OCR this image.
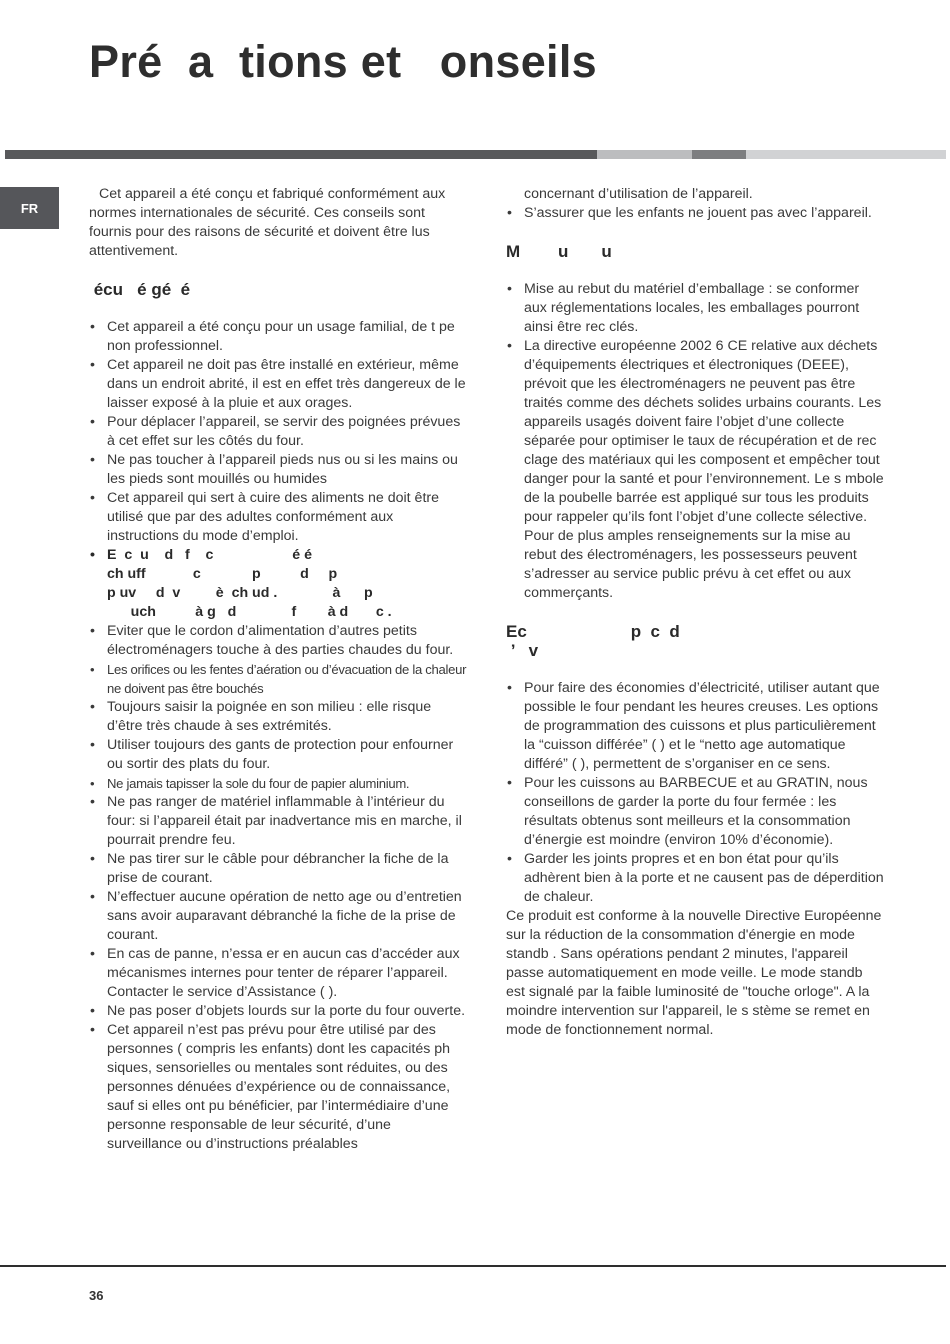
Pré  a  tions et   onseils
FR

Cet appareil a été conçu et fabriqué conformément aux normes internationales de sécurité. Ces conseils sont fournis pour des raisons de sécurité et doivent être lus attentivement.

écu   é gé  é
• Cet appareil a été conçu pour un usage familial, de t pe non professionnel.
• Cet appareil ne doit pas être installé en extérieur, même dans un endroit abrité, il est en effet très dangereux de le laisser exposé à la pluie et aux orages.
• Pour déplacer l’appareil, se servir des poignées prévues à cet effet sur les côtés du four.
• Ne pas toucher à l’appareil pieds nus ou si les mains ou les pieds sont mouillés ou humides
• Cet appareil qui sert à cuire des aliments ne doit être utilisé que par des adultes conformément aux instructions du mode d’emploi.
• E  c  u    d   f    c                    é é
ch uff            c             p          d     p
p uv     d  v         è  ch ud .              à      p
uch          à g   d              f        à d       c .
• Eviter que le cordon d’alimentation d’autres petits électroménagers touche à des parties chaudes du four.
• Les orifices ou les fentes d’aération ou d’évacuation de la chaleur ne doivent pas être bouchés
• Toujours saisir la poignée en son milieu : elle risque d’être très chaude à ses extrémités.
• Utiliser toujours des gants de protection pour enfourner ou sortir des plats du four.
• Ne jamais tapisser la sole du four de papier aluminium.
• Ne pas ranger de matériel inflammable à l’intérieur du four: si l’appareil était par inadvertance mis en marche, il pourrait prendre feu.
• Ne pas tirer sur le câble pour débrancher la fiche de la prise de courant.
• N’effectuer aucune opération de netto age ou d’entretien sans avoir auparavant débranché la fiche de la prise de courant.
• En cas de panne, n’essa er en aucun cas d’accéder aux mécanismes internes pour tenter de réparer l’appareil. Contacter le service d’Assistance ( ).
• Ne pas poser d’objets lourds sur la porte du four ouverte.
• Cet appareil n’est pas prévu pour être utilisé par des personnes ( compris les enfants) dont les capacités ph siques, sensorielles ou mentales sont réduites, ou des personnes dénuées d’expérience ou de connaissance, sauf si elles ont pu bénéficier, par l’intermédiaire d’une personne responsable de leur sécurité, d’une surveillance ou d’instructions préalables

concernant d’utilisation de l’appareil.

• S’assurer que les enfants ne jouent pas avec l’appareil.
M        u       u
• Mise au rebut du matériel d’emballage : se conformer aux réglementations locales, les emballages pourront ainsi être rec clés.
• La directive européenne 2002 6 CE relative aux déchets d’équipements électriques et électroniques (DEEE), prévoit que les électroménagers ne peuvent pas être traités comme des déchets solides urbains courants. Les appareils usagés doivent faire l’objet d’une collecte séparée pour optimiser le taux de récupération et de rec clage des matériaux qui les composent et empêcher tout danger pour la santé et pour l’environnement. Le s mbole de la poubelle barrée est appliqué sur tous les produits pour rappeler qu’ils font l’objet d’une collecte sélective.

Pour de plus amples renseignements sur la mise au rebut des électroménagers, les possesseurs peuvent s’adresser au service public prévu à cet effet ou aux commerçants.

Ec                      p  c  d
’   v
• Pour faire des économies d’électricité, utiliser autant que possible le four pendant les heures creuses. Les options de programmation des cuissons et plus particulièrement la “cuisson différée” ( ) et le “netto age automatique différé” ( ), permettent de s’organiser en ce sens.
• Pour les cuissons au BARBECUE et au GRATIN, nous conseillons de garder la porte du four fermée : les résultats obtenus sont meilleurs et la consommation d’énergie est moindre (environ 10% d’économie).
• Garder les joints propres et en bon état pour qu’ils adhèrent bien à la porte et ne causent pas de déperdition de chaleur.

Ce produit est conforme à la nouvelle Directive Européenne sur la réduction de la consommation d'énergie en mode standb . Sans opérations pendant 2 minutes, l'appareil passe automatiquement en mode veille. Le mode standb est signalé par la faible luminosité de "touche orloge". A la moindre intervention sur l'appareil, le s stème se remet en mode de fonctionnement normal.

36
